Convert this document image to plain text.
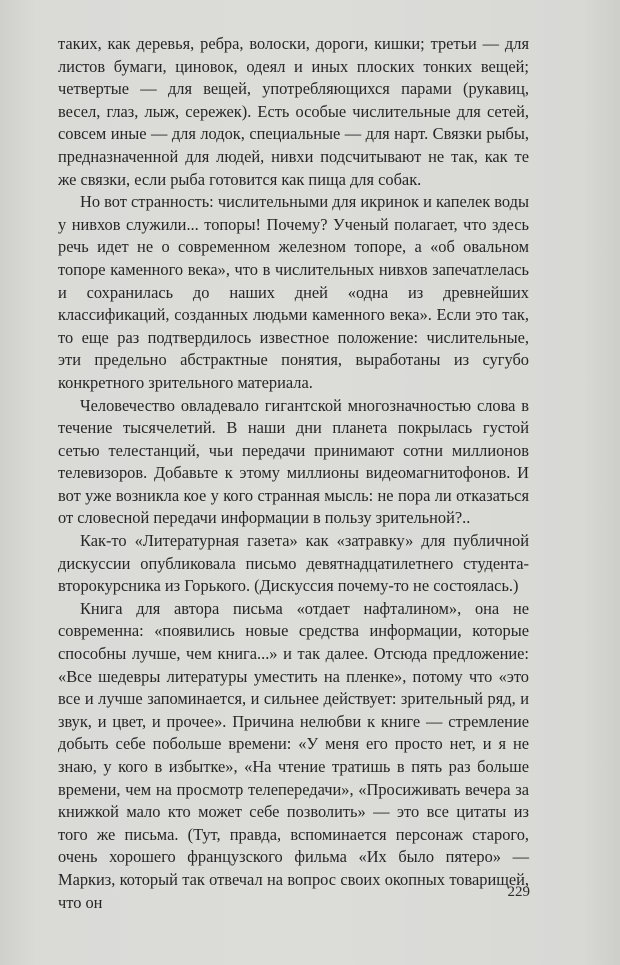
таких, как деревья, ребра, волоски, дороги, кишки; третьи — для листов бумаги, циновок, одеял и иных плоских тонких вещей; четвертые — для вещей, употребляющихся парами (рукавиц, весел, глаз, лыж, сережек). Есть особые числительные для сетей, совсем иные — для лодок, специальные — для нарт. Связки рыбы, предназначенной для людей, нивхи подсчитывают не так, как те же связки, если рыба готовится как пища для собак.

Но вот странность: числительными для икринок и капелек воды у нивхов служили... топоры! Почему? Ученый полагает, что здесь речь идет не о современном железном топоре, а «об овальном топоре каменного века», что в числительных нивхов запечатлелась и сохранилась до наших дней «одна из древнейших классификаций, созданных людьми каменного века». Если это так, то еще раз подтвердилось известное положение: числительные, эти предельно абстрактные понятия, выработаны из сугубо конкретного зрительного материала.

Человечество овладевало гигантской многозначностью слова в течение тысячелетий. В наши дни планета покрылась густой сетью телестанций, чьи передачи принимают сотни миллионов телевизоров. Добавьте к этому миллионы видеомагнитофонов. И вот уже возникла кое у кого странная мысль: не пора ли отказаться от словесной передачи информации в пользу зрительной?..

Как-то «Литературная газета» как «затравку» для публичной дискуссии опубликовала письмо девятнадцатилетнего студента-второкурсника из Горького. (Дискуссия почему-то не состоялась.)

Книга для автора письма «отдает нафталином», она не современна: «появились новые средства информации, которые способны лучше, чем книга...» и так далее. Отсюда предложение: «Все шедевры литературы уместить на пленке», потому что «это все и лучше запоминается, и сильнее действует: зрительный ряд, и звук, и цвет, и прочее». Причина нелюбви к книге — стремление добыть себе побольше времени: «У меня его просто нет, и я не знаю, у кого в избытке», «На чтение тратишь в пять раз больше времени, чем на просмотр телепередачи», «Просиживать вечера за книжкой мало кто может себе позволить» — это все цитаты из того же письма. (Тут, правда, вспоминается персонаж старого, очень хорошего французского фильма «Их было пятеро» — Маркиз, который так отвечал на вопрос своих окопных товарищей, что он

229
